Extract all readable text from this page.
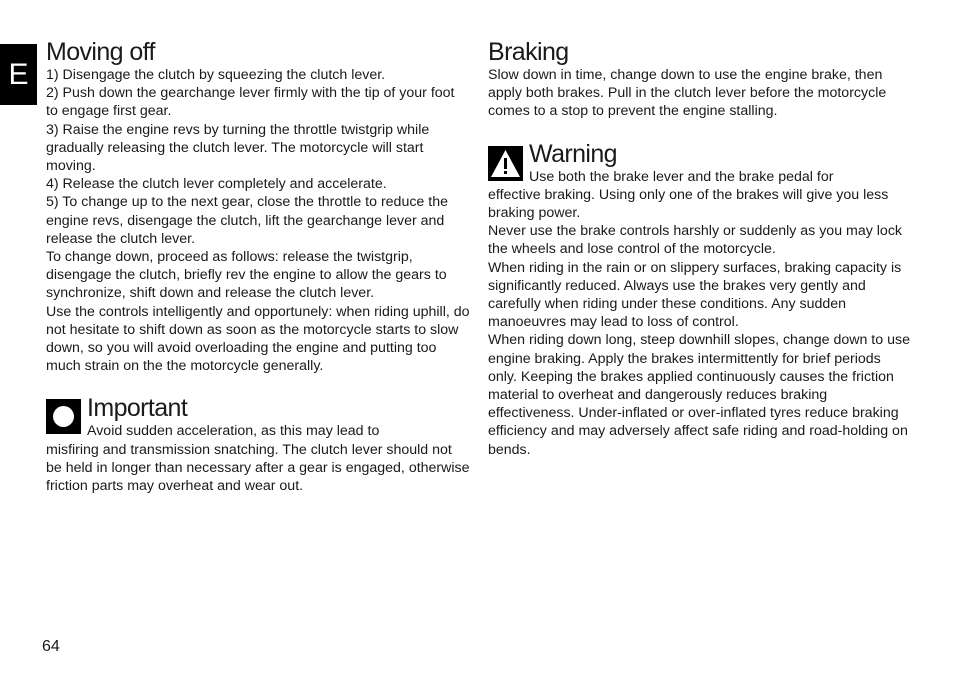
E
Moving off

1) Disengage the clutch by squeezing the clutch lever.
2) Push down the gearchange lever firmly with the tip of your foot to engage first gear.
3) Raise the engine revs by turning the throttle twistgrip while gradually releasing the clutch lever. The motorcycle will start moving.
4) Release the clutch lever completely and accelerate.
5) To change up to the next gear, close the throttle to reduce the engine revs, disengage the clutch, lift the gearchange lever and release the clutch lever.
To change down, proceed as follows: release the twistgrip, disengage the clutch, briefly rev the engine to allow the gears to synchronize, shift down and release the clutch lever.
Use the controls intelligently and opportunely: when riding uphill, do not hesitate to shift down as soon as the motorcycle starts to slow down, so you will avoid overloading the engine and putting too much strain on the the motorcycle generally.

Important

Avoid sudden acceleration, as this may lead to

misfiring and transmission snatching. The clutch lever should not be held in longer than necessary after a gear is engaged, otherwise friction parts may overheat and wear out.

Braking

Slow down in time, change down to use the engine brake, then apply both brakes. Pull in the clutch lever before the motorcycle comes to a stop to prevent the engine stalling.

Warning

Use both the brake lever and the brake pedal for

effective braking. Using only one of the brakes will give you less braking power.
Never use the brake controls harshly or suddenly as you may lock the wheels and lose control of the motorcycle.
When riding in the rain or on slippery surfaces, braking capacity is significantly reduced. Always use the brakes very gently and carefully when riding under these conditions. Any sudden manoeuvres may lead to loss of control.
When riding down long, steep downhill slopes, change down to use engine braking. Apply the brakes intermittently for brief periods only. Keeping the brakes applied continuously causes the friction material to overheat and dangerously reduces braking effectiveness. Under-inflated or over-inflated tyres reduce braking efficiency and may adversely affect safe riding and road-holding on bends.

64
